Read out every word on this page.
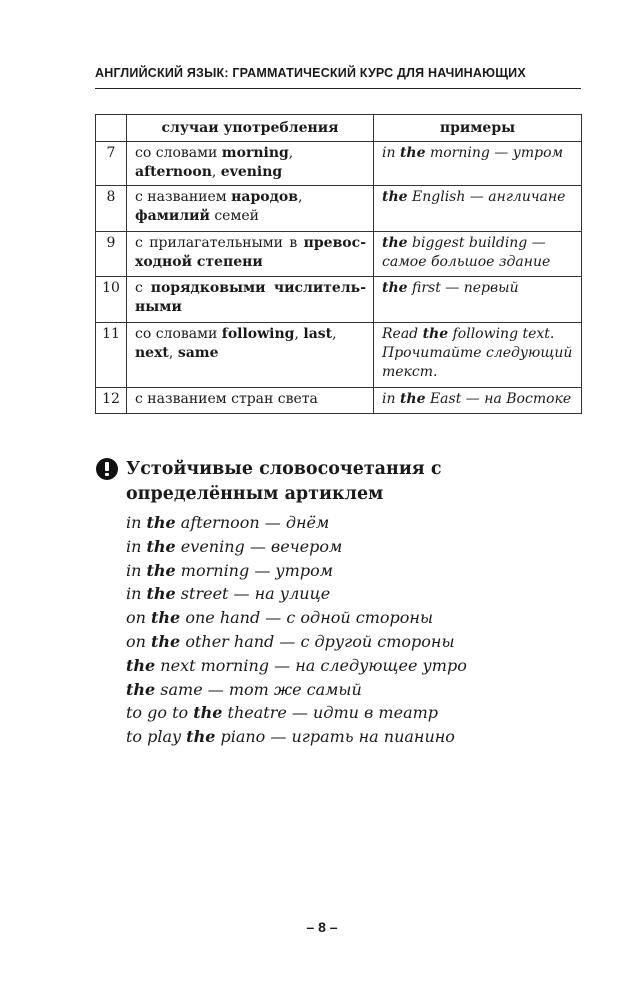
АНГЛИЙСКИЙ ЯЗЫК: ГРАММАТИЧЕСКИЙ КУРС ДЛЯ НАЧИНАЮЩИХ
	случаи употребления	примеры
7	со словами morning, afternoon, evening	in the morning — утром
8	с названием народов, фамилий семей	the English — англичане
9	с прилагательными в превосходной степени	the biggest building — самое большое здание
10	с порядковыми числительными	the first — первый
11	со словами following, last, next, same	Read the following text. Прочитайте следующий текст.
12	с названием стран света	in the East — на Востоке
Устойчивые словосочетания с определённым артиклем
in the afternoon — днём
in the evening — вечером
in the morning — утром
in the street — на улице
on the one hand — с одной стороны
on the other hand — с другой стороны
the next morning — на следующее утро
the same — тот же самый
to go to the theatre — идти в театр
to play the piano — играть на пианино
– 8 –
